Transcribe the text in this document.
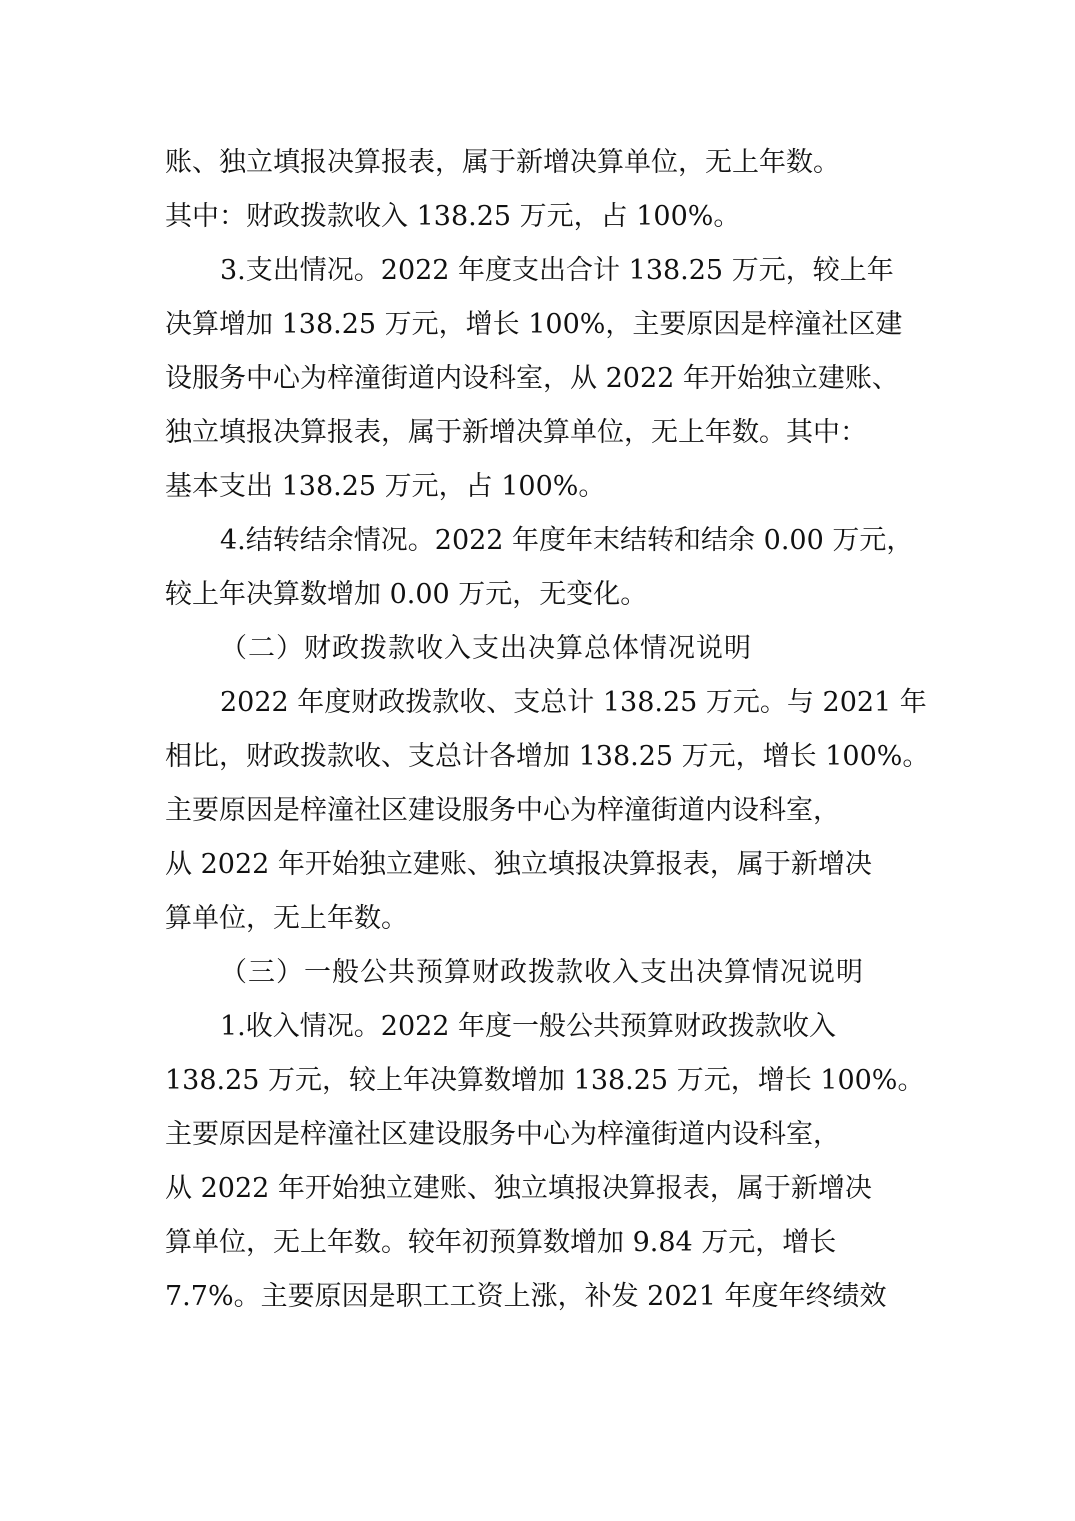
账、独立填报决算报表，属于新增决算单位，无上年数。
其中：财政拨款收入 138.25 万元，占 100%。
3.支出情况。2022 年度支出合计 138.25 万元，较上年
决算增加 138.25 万元，增长 100%，主要原因是梓潼社区建
设服务中心为梓潼街道内设科室，从 2022 年开始独立建账、
独立填报决算报表，属于新增决算单位，无上年数。其中：
基本支出 138.25 万元，占 100%。
4.结转结余情况。2022 年度年末结转和结余 0.00 万元，
较上年决算数增加 0.00 万元，无变化。
（二）财政拨款收入支出决算总体情况说明
2022 年度财政拨款收、支总计 138.25 万元。与 2021 年
相比，财政拨款收、支总计各增加 138.25 万元，增长 100%。
主要原因是梓潼社区建设服务中心为梓潼街道内设科室，
从 2022 年开始独立建账、独立填报决算报表，属于新增决
算单位，无上年数。
（三）一般公共预算财政拨款收入支出决算情况说明
1.收入情况。2022 年度一般公共预算财政拨款收入
138.25 万元，较上年决算数增加 138.25 万元，增长 100%。
主要原因是梓潼社区建设服务中心为梓潼街道内设科室，
从 2022 年开始独立建账、独立填报决算报表，属于新增决
算单位，无上年数。较年初预算数增加 9.84 万元，增长
7.7%。主要原因是职工工资上涨，补发 2021 年度年终绩效
